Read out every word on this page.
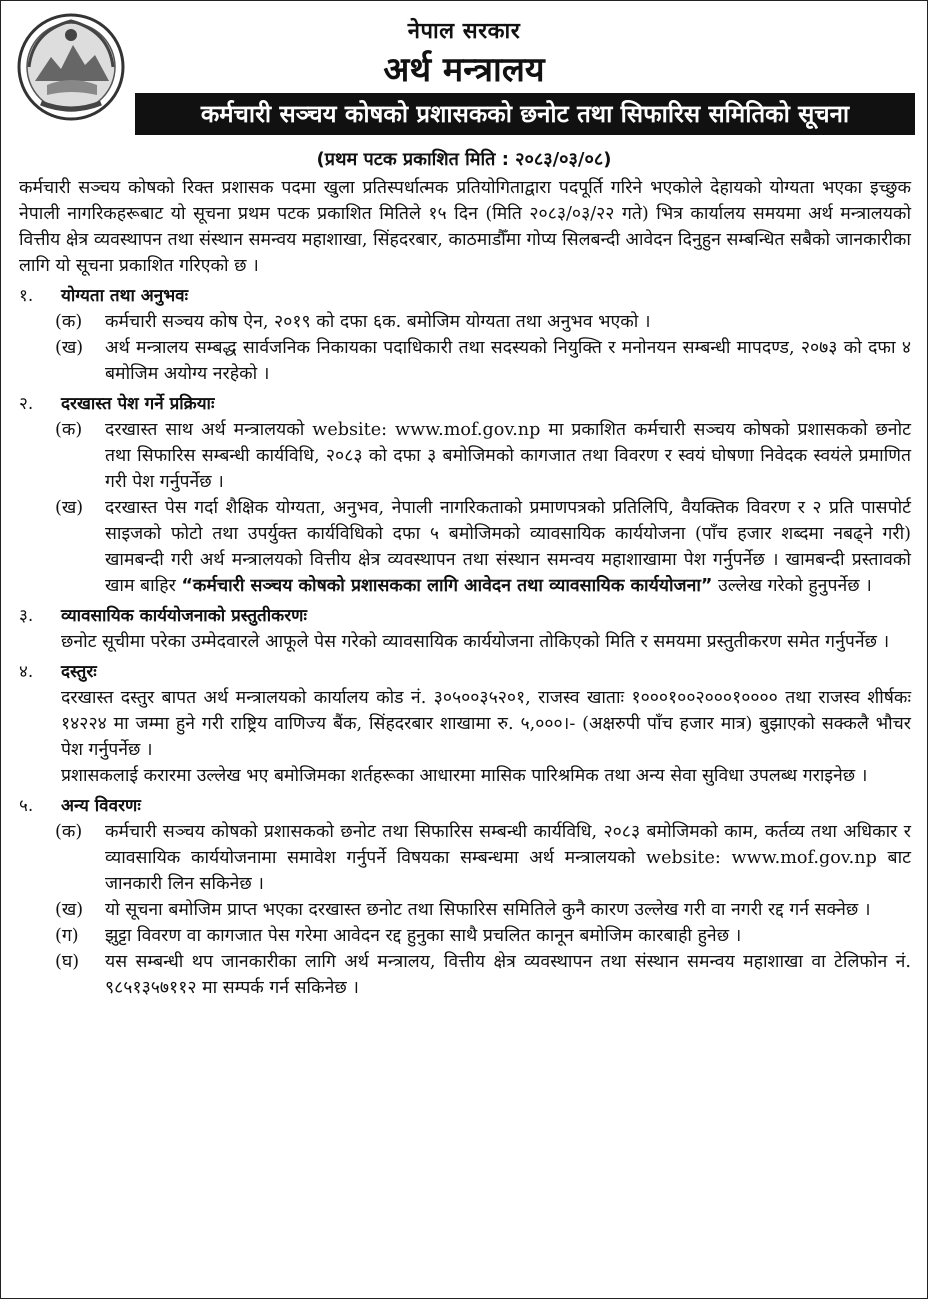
नेपाल सरकार
अर्थ मन्त्रालय
कर्मचारी सञ्चय कोषको प्रशासकको छनोट तथा सिफारिस समितिको सूचना
(प्रथम पटक प्रकाशित मिति : २०८३/०३/०८)

कर्मचारी सञ्चय कोषको रिक्त प्रशासक पदमा खुला प्रतिस्पर्धात्मक प्रतियोगिताद्वारा पदपूर्ति गरिने भएकोले देहायको योग्यता भएका इच्छुक नेपाली नागरिकहरूबाट यो सूचना प्रथम पटक प्रकाशित मितिले १५ दिन (मिति २०८३/०३/२२ गते) भित्र कार्यालय समयमा अर्थ मन्त्रालयको वित्तीय क्षेत्र व्यवस्थापन तथा संस्थान समन्वय महाशाखा, सिंहदरबार, काठमाडौँमा गोप्य सिलबन्दी आवेदन दिनुहुन सम्बन्धित सबैको जानकारीका लागि यो सूचना प्रकाशित गरिएको छ ।

१.	योग्यता तथा अनुभवः
(क)	कर्मचारी सञ्चय कोष ऐन, २०१९ को दफा ६क. बमोजिम योग्यता तथा अनुभव भएको ।

(ख)	अर्थ मन्त्रालय सम्बद्ध सार्वजनिक निकायका पदाधिकारी तथा सदस्यको नियुक्ति र मनोनयन सम्बन्धी मापदण्ड, २०७३ को दफा ४ बमोजिम अयोग्य नरहेको ।

२.	दरखास्त पेश गर्ने प्रक्रियाः
(क)	दरखास्त साथ अर्थ मन्त्रालयको website: www.mof.gov.np मा प्रकाशित कर्मचारी सञ्चय कोषको प्रशासकको छनोट तथा सिफारिस सम्बन्धी कार्यविधि, २०८३ को दफा ३ बमोजिमको कागजात तथा विवरण र स्वयं घोषणा निवेदक स्वयंले प्रमाणित गरी पेश गर्नुपर्नेछ ।

(ख)	दरखास्त पेस गर्दा शैक्षिक योग्यता, अनुभव, नेपाली नागरिकताको प्रमाणपत्रको प्रतिलिपि, वैयक्तिक विवरण र २ प्रति पासपोर्ट साइजको फोटो तथा उपर्युक्त कार्यविधिको दफा ५ बमोजिमको व्यावसायिक कार्ययोजना (पाँच हजार शब्दमा नबढ्ने गरी) खामबन्दी गरी अर्थ मन्त्रालयको वित्तीय क्षेत्र व्यवस्थापन तथा संस्थान समन्वय महाशाखामा पेश गर्नुपर्नेछ । खामबन्दी प्रस्तावको खाम बाहिर “कर्मचारी सञ्चय कोषको प्रशासकका लागि आवेदन तथा व्यावसायिक कार्ययोजना” उल्लेख गरेको हुनुपर्नेछ ।

३.	व्यावसायिक कार्ययोजनाको प्रस्तुतीकरणः

छनोट सूचीमा परेका उम्मेदवारले आफूले पेस गरेको व्यावसायिक कार्ययोजना तोकिएको मिति र समयमा प्रस्तुतीकरण समेत गर्नुपर्नेछ ।

४.	दस्तुरः

दरखास्त दस्तुर बापत अर्थ मन्त्रालयको कार्यालय कोड नं. ३०५००३५२०१, राजस्व खाताः १०००१००२०००१०००० तथा राजस्व शीर्षकः १४२२४ मा जम्मा हुने गरी राष्ट्रिय वाणिज्य बैंक, सिंहदरबार शाखामा रु. ५,०००।- (अक्षरुपी पाँच हजार मात्र) बुझाएको सक्कलै भौचर पेश गर्नुपर्नेछ ।

प्रशासकलाई करारमा उल्लेख भए बमोजिमका शर्तहरूका आधारमा मासिक पारिश्रमिक तथा अन्य सेवा सुविधा उपलब्ध गराइनेछ ।

५.	अन्य विवरणः
(क)	कर्मचारी सञ्चय कोषको प्रशासकको छनोट तथा सिफारिस सम्बन्धी कार्यविधि, २०८३ बमोजिमको काम, कर्तव्य तथा अधिकार र व्यावसायिक कार्ययोजनामा समावेश गर्नुपर्ने विषयका सम्बन्धमा अर्थ मन्त्रालयको website: www.mof.gov.np बाट जानकारी लिन सकिनेछ ।

(ख)	यो सूचना बमोजिम प्राप्त भएका दरखास्त छनोट तथा सिफारिस समितिले कुनै कारण उल्लेख गरी वा नगरी रद्द गर्न सक्नेछ ।

(ग)	झुट्टा विवरण वा कागजात पेस गरेमा आवेदन रद्द हुनुका साथै प्रचलित कानून बमोजिम कारबाही हुनेछ ।

(घ)	यस सम्बन्धी थप जानकारीका लागि अर्थ मन्त्रालय, वित्तीय क्षेत्र व्यवस्थापन तथा संस्थान समन्वय महाशाखा वा टेलिफोन नं. ९८५१३५७११२ मा सम्पर्क गर्न सकिनेछ ।
